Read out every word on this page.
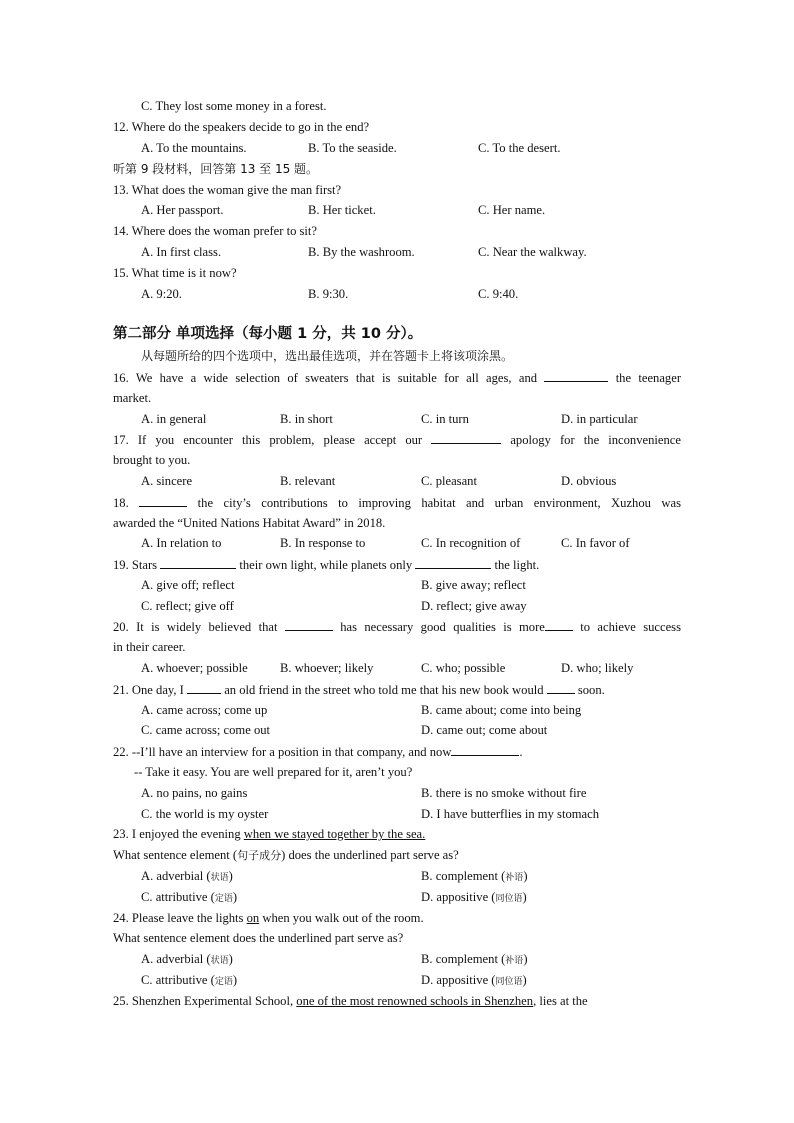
C. They lost some money in a forest.
12. Where do the speakers decide to go in the end?
A. To the mountains.	B. To the seaside.	C. To the desert.
听第 9 段材料，回答第 13 至 15 题。
13. What does the woman give the man first?
A. Her passport.	B. Her ticket.	C. Her name.
14. Where does the woman prefer to sit?
A. In first class.	B. By the washroom.	C. Near the walkway.
15. What time is it now?
A. 9:20.	B. 9:30.	C. 9:40.
第二部分 单项选择（每小题 1 分，共 10 分）。
从每题所给的四个选项中，选出最佳选项，并在答题卡上将该项涂黑。
16. We have a wide selection of sweaters that is suitable for all ages, and	the teenager
market.
A. in general	B. in short	C. in turn	D. in particular
17. If you encounter this problem, please accept our	apology for the inconvenience
brought to you.
A. sincere	B. relevant	C. pleasant	D. obvious
18.	the city’s contributions to improving habitat and urban environment, Xuzhou was
awarded the “United Nations Habitat Award” in 2018.
A. In relation to	B. In response to	C. In recognition of	C. In favor of
19. Stars	their own light, while planets only	the light.
A. give off; reflect	B. give away; reflect
C. reflect; give off	D. reflect; give away
20. It is widely believed that	has necessary good qualities is more	to achieve success
in their career.
A. whoever; possible	B. whoever; likely	C. who; possible	D. who; likely
21. One day, I	an old friend in the street who told me that his new book would	soon.
A. came across; come up	B. came about; come into being
C. came across; come out	D. came out; come about
22. --I’ll have an interview for a position in that company, and now	.
-- Take it easy. You are well prepared for it, aren’t you?
A. no pains, no gains	B. there is no smoke without fire
C. the world is my oyster	D. I have butterflies in my stomach
23. I enjoyed the evening when we stayed together by the sea.
What sentence element (句子成分) does the underlined part serve as?
A. adverbial (状语)	B. complement (补语)
C. attributive (定语)	D. appositive (同位语)
24. Please leave the lights on when you walk out of the room.
What sentence element does the underlined part serve as?
A. adverbial (状语)	B. complement (补语)
C. attributive (定语)	D. appositive (同位语)
25. Shenzhen Experimental School, one of the most renowned schools in Shenzhen, lies at the
